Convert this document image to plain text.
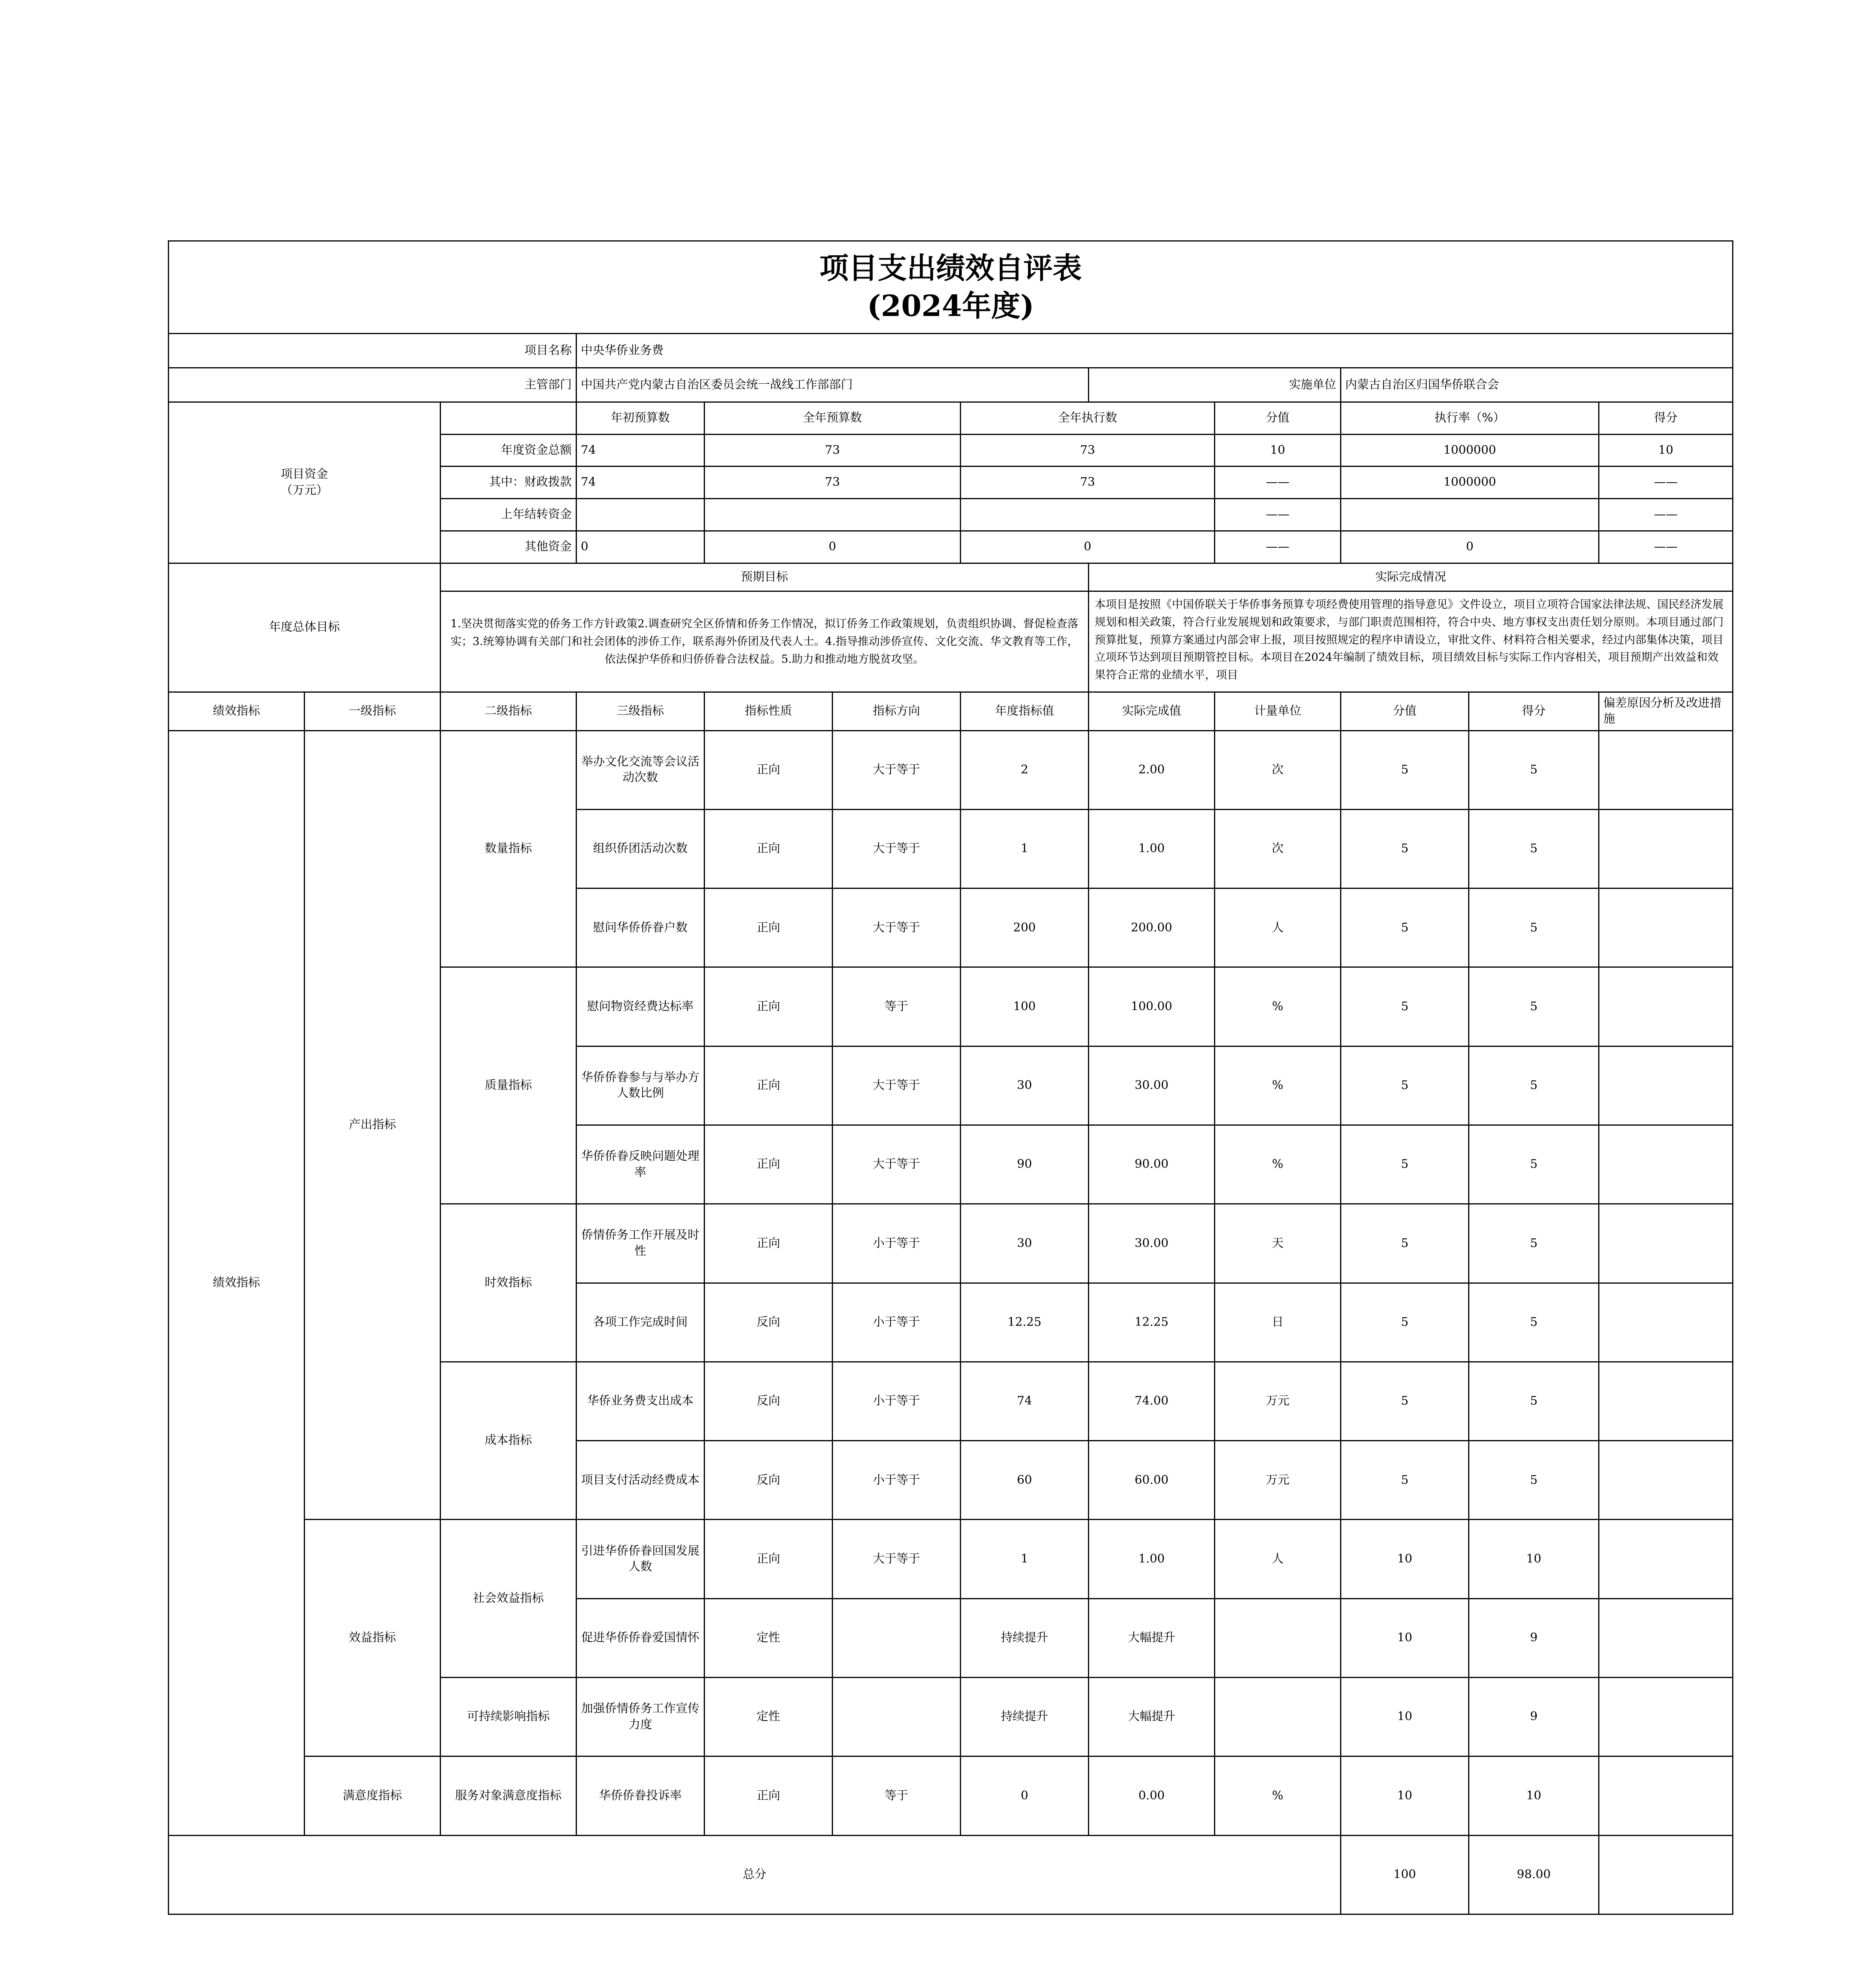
项目支出绩效自评表
(2024年度)											

项目名称			中央华侨业务费								
主管部门			中国共产党内蒙古自治区委员会统一战线工作部部门				实施单位		内蒙古自治区归国华侨联合会		
项目资金
（万元）			年初预算数	全年预算数		全年执行数		分值	执行率（%）		得分
		年度资金总额	74	73		73		10	1000000		10
		其中：财政拨款	74	73		73		——	1000000		——
		上年结转资金						——			——
		其他资金	0	0		0		——	0		——
年度总体目标		预期目标					实际完成情况				
		1.坚决贯彻落实党的侨务工作方针政策2.调查研究全区侨情和侨务工作情况，拟订侨务工作政策规划，负责组织协调、督促检查落实；3.统筹协调有关部门和社会团体的涉侨工作，联系海外侨团及代表人士。4.指导推动涉侨宣传、文化交流、华文教育等工作，依法保护华侨和归侨侨眷合法权益。5.助力和推动地方脱贫攻坚。					本项目是按照《中国侨联关于华侨事务预算专项经费使用管理的指导意见》文件设立，项目立项符合国家法律法规、国民经济发展规划和相关政策，符合行业发展规划和政策要求，与部门职责范围相符，符合中央、地方事权支出责任划分原则。本项目通过部门预算批复，预算方案通过内部会审上报，项目按照规定的程序申请设立，审批文件、材料符合相关要求，经过内部集体决策，项目立项环节达到项目预期管控目标。本项目在2024年编制了绩效目标，项目绩效目标与实际工作内容相关，项目预期产出效益和效果符合正常的业绩水平，项目				
绩效指标	一级指标	二级指标	三级指标	指标性质	指标方向	年度指标值	实际完成值	计量单位	分值	得分	偏差原因分析及改进措施
绩效指标	产出指标	数量指标	举办文化交流等会议活动次数	正向	大于等于	2	2.00	次	5	5	
			组织侨团活动次数	正向	大于等于	1	1.00	次	5	5	
			慰问华侨侨眷户数	正向	大于等于	200	200.00	人	5	5	
		质量指标	慰问物资经费达标率	正向	等于	100	100.00	%	5	5	
			华侨侨眷参与与举办方人数比例	正向	大于等于	30	30.00	%	5	5	
			华侨侨眷反映问题处理率	正向	大于等于	90	90.00	%	5	5	
		时效指标	侨情侨务工作开展及时性	正向	小于等于	30	30.00	天	5	5	
			各项工作完成时间	反向	小于等于	12.25	12.25	日	5	5	
		成本指标	华侨业务费支出成本	反向	小于等于	74	74.00	万元	5	5	
			项目支付活动经费成本	反向	小于等于	60	60.00	万元	5	5	
	效益指标	社会效益指标	引进华侨侨眷回国发展人数	正向	大于等于	1	1.00	人	10	10	
			促进华侨侨眷爱国情怀	定性		持续提升	大幅提升		10	9	
		可持续影响指标	加强侨情侨务工作宣传力度	定性		持续提升	大幅提升		10	9	
	满意度指标	服务对象满意度指标	华侨侨眷投诉率	正向	等于	0	0.00	%	10	10	
总分									100	98.00	
